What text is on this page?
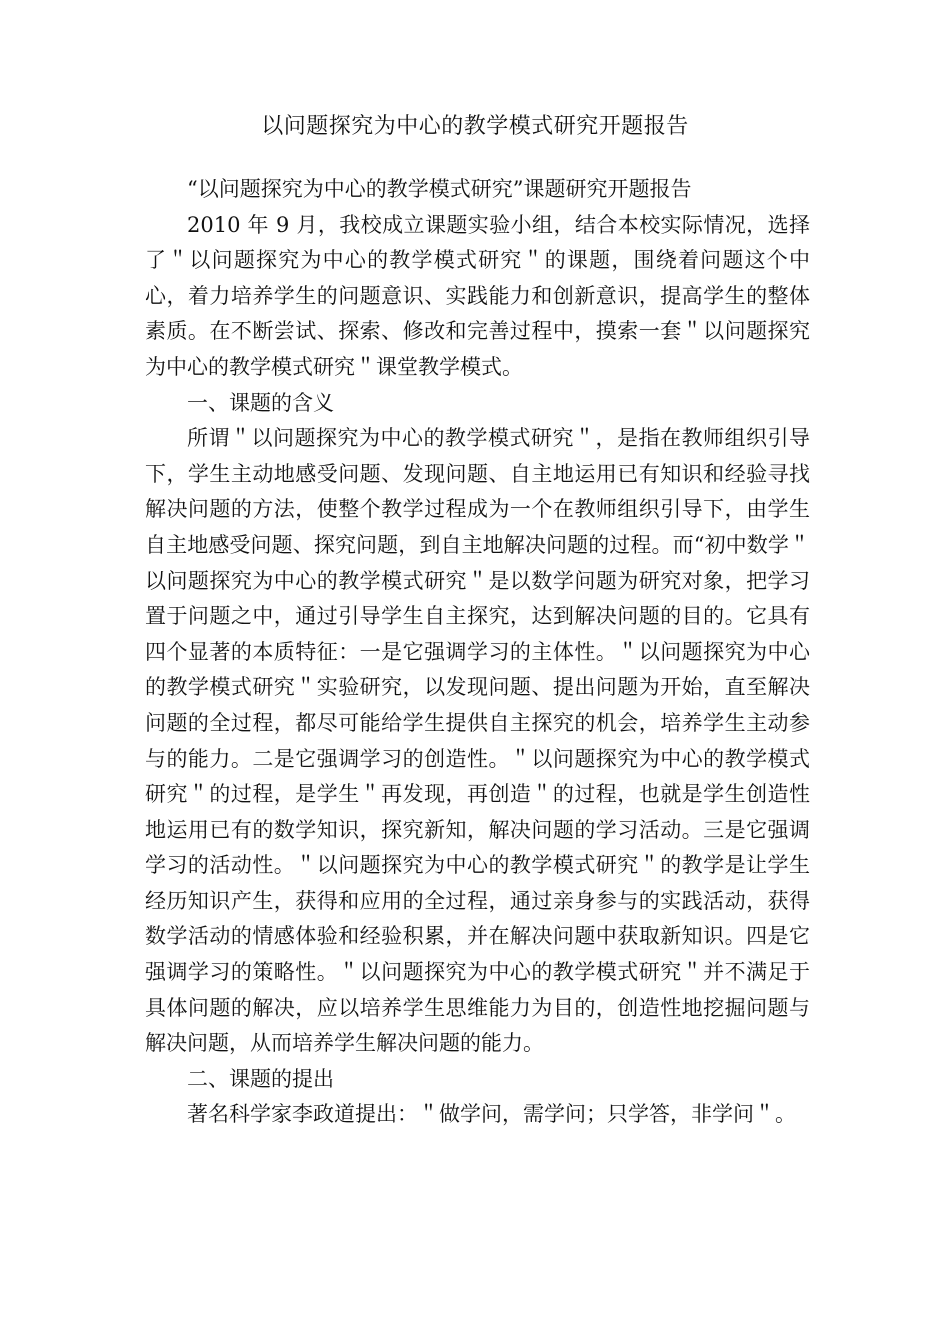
以问题探究为中心的教学模式研究开题报告

“以问题探究为中心的教学模式研究”课题研究开题报告

2010 年 9 月，我校成立课题实验小组，结合本校实际情况，选择了＂以问题探究为中心的教学模式研究＂的课题，围绕着问题这个中心，着力培养学生的问题意识、实践能力和创新意识，提高学生的整体素质。在不断尝试、探索、修改和完善过程中，摸索一套＂以问题探究为中心的教学模式研究＂课堂教学模式。

一、课题的含义

所谓＂以问题探究为中心的教学模式研究＂，是指在教师组织引导下，学生主动地感受问题、发现问题、自主地运用已有知识和经验寻找解决问题的方法，使整个教学过程成为一个在教师组织引导下，由学生自主地感受问题、探究问题，到自主地解决问题的过程。而“初中数学＂以问题探究为中心的教学模式研究＂是以数学问题为研究对象，把学习置于问题之中，通过引导学生自主探究，达到解决问题的目的。它具有四个显著的本质特征：一是它强调学习的主体性。＂以问题探究为中心的教学模式研究＂实验研究，以发现问题、提出问题为开始，直至解决问题的全过程，都尽可能给学生提供自主探究的机会，培养学生主动参与的能力。二是它强调学习的创造性。＂以问题探究为中心的教学模式研究＂的过程，是学生＂再发现，再创造＂的过程，也就是学生创造性地运用已有的数学知识，探究新知，解决问题的学习活动。三是它强调学习的活动性。＂以问题探究为中心的教学模式研究＂的教学是让学生经历知识产生，获得和应用的全过程，通过亲身参与的实践活动，获得数学活动的情感体验和经验积累，并在解决问题中获取新知识。四是它强调学习的策略性。＂以问题探究为中心的教学模式研究＂并不满足于具体问题的解决，应以培养学生思维能力为目的，创造性地挖掘问题与解决问题，从而培养学生解决问题的能力。

二、课题的提出

著名科学家李政道提出：＂做学问，需学问；只学答，非学问＂。
